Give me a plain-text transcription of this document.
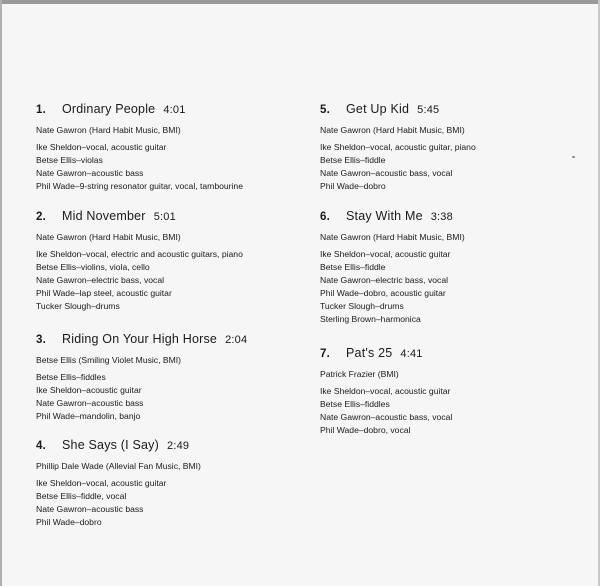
1.	Ordinary People 4:01
Nate Gawron (Hard Habit Music, BMI)
Ike Sheldon–vocal, acoustic guitar
Betse Ellis–violas
Nate Gawron–acoustic bass
Phil Wade–9-string resonator guitar, vocal, tambourine
2.	Mid November 5:01
Nate Gawron (Hard Habit Music, BMI)
Ike Sheldon–vocal, electric and acoustic guitars, piano
Betse Ellis–violins, viola, cello
Nate Gawron–electric bass, vocal
Phil Wade–lap steel, acoustic guitar
Tucker Slough–drums
3.	Riding On Your High Horse 2:04
Betse Ellis (Smiling Violet Music, BMI)
Betse Ellis–fiddles
Ike Sheldon–acoustic guitar
Nate Gawron–acoustic bass
Phil Wade–mandolin, banjo
4.	She Says (I Say) 2:49
Phillip Dale Wade (Allevial Fan Music, BMI)
Ike Sheldon–vocal, acoustic guitar
Betse Ellis–fiddle, vocal
Nate Gawron–acoustic bass
Phil Wade–dobro
5.	Get Up Kid 5:45
Nate Gawron (Hard Habit Music, BMI)
Ike Sheldon–vocal, acoustic guitar, piano
Betse Ellis–fiddle
Nate Gawron–acoustic bass, vocal
Phil Wade–dobro
6.	Stay With Me 3:38
Nate Gawron (Hard Habit Music, BMI)
Ike Sheldon–vocal, acoustic guitar
Betse Ellis–fiddle
Nate Gawron–electric bass, vocal
Phil Wade–dobro, acoustic guitar
Tucker Slough–drums
Sterling Brown–harmonica
7.	Pat's 25 4:41
Patrick Frazier (BMI)
Ike Sheldon–vocal, acoustic guitar
Betse Ellis–fiddles
Nate Gawron–acoustic bass, vocal
Phil Wade–dobro, vocal
